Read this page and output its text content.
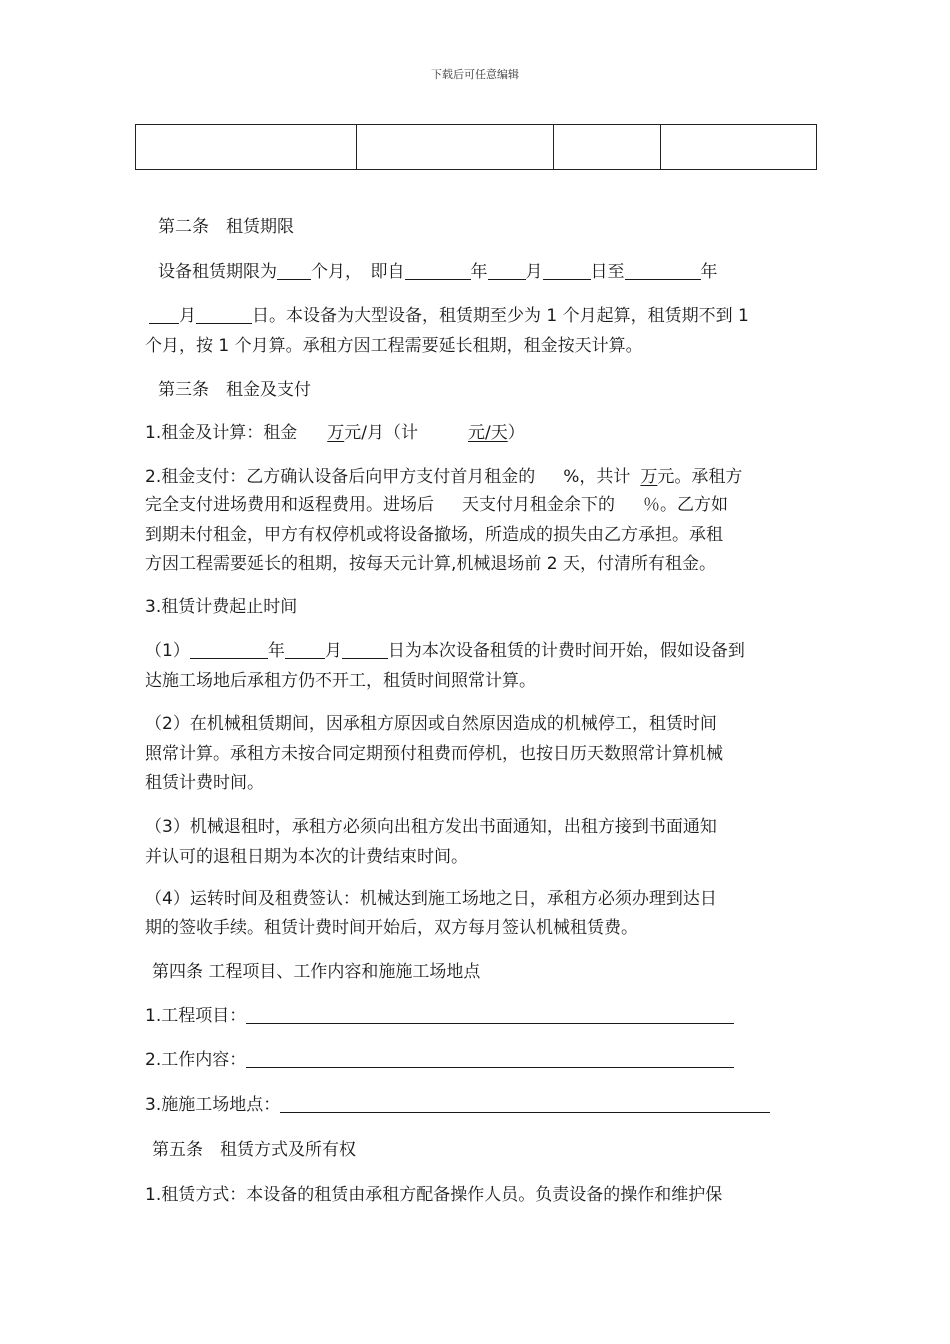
下载后可任意编辑

第二条　租赁期限
设备租赁期限为 个月，　即自	年 月	日至	年
月	日。本设备为大型设备，租赁期至少为 1 个月起算，租赁期不到 1
个月，按 1 个月算。承租方因工程需要延长租期，租金按天计算。
第三条　租金及支付
1.租金及计算：租金 万元/月（计	元/天）
2.租金支付：乙方确认设备后向甲方支付首月租金的 %，共计 万元。承租方
完全支付进场费用和返程费用。进场后 天支付月租金余下的 ％。乙方如
到期未付租金，甲方有权停机或将设备撤场，所造成的损失由乙方承担。承租
方因工程需要延长的租期，按每天元计算,机械退场前 2 天，付清所有租金。
3.租赁计费起止时间
（1）	年 月	日为本次设备租赁的计费时间开始，假如设备到
达施工场地后承租方仍不开工，租赁时间照常计算。
（2）在机械租赁期间，因承租方原因或自然原因造成的机械停工，租赁时间
照常计算。承租方未按合同定期预付租费而停机，也按日历天数照常计算机械
租赁计费时间。
（3）机械退租时，承租方必须向出租方发出书面通知，出租方接到书面通知
并认可的退租日期为本次的计费结束时间。
（4）运转时间及租费签认：机械达到施工场地之日，承租方必须办理到达日
期的签收手续。租赁计费时间开始后，双方每月签认机械租赁费。
第四条 工程项目、工作内容和施施工场地点
1.工程项目：
2.工作内容：
3.施施工场地点：
第五条　租赁方式及所有权
1.租赁方式：本设备的租赁由承租方配备操作人员。负责设备的操作和维护保
